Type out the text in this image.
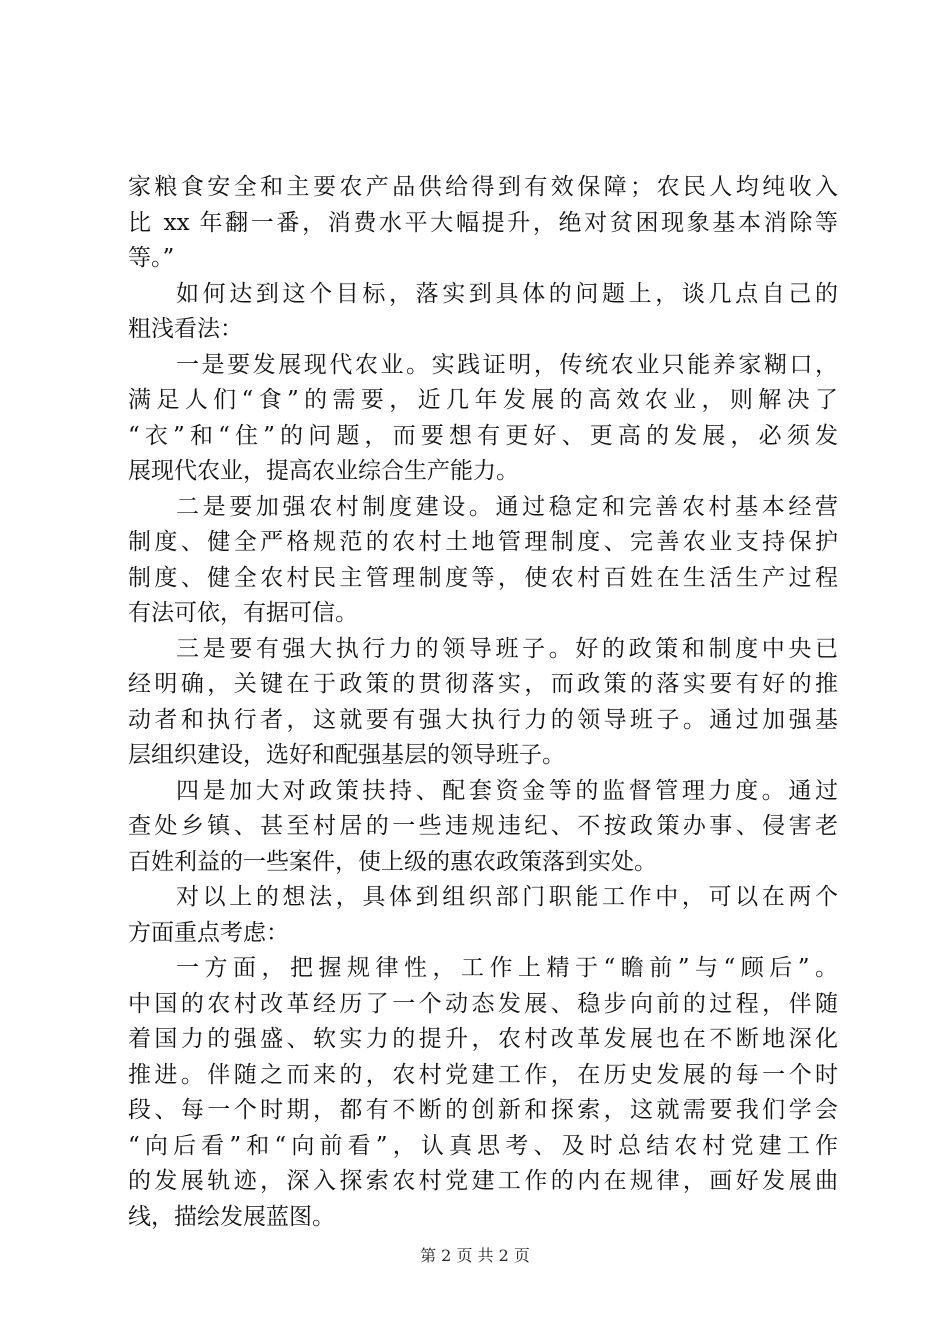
家粮食安全和主要农产品供给得到有效保障；农民人均纯收入
比 xx 年翻一番，消费水平大幅提升，绝对贫困现象基本消除等
等。”
如何达到这个目标，落实到具体的问题上，谈几点自己的
粗浅看法：
一是要发展现代农业。实践证明，传统农业只能养家糊口，
满足人们“食”的需要，近几年发展的高效农业，则解决了
“衣”和“住”的问题，而要想有更好、更高的发展，必须发
展现代农业，提高农业综合生产能力。
二是要加强农村制度建设。通过稳定和完善农村基本经营
制度、健全严格规范的农村土地管理制度、完善农业支持保护
制度、健全农村民主管理制度等，使农村百姓在生活生产过程
有法可依，有据可信。
三是要有强大执行力的领导班子。好的政策和制度中央已
经明确，关键在于政策的贯彻落实，而政策的落实要有好的推
动者和执行者，这就要有强大执行力的领导班子。通过加强基
层组织建设，选好和配强基层的领导班子。
四是加大对政策扶持、配套资金等的监督管理力度。通过
查处乡镇、甚至村居的一些违规违纪、不按政策办事、侵害老
百姓利益的一些案件，使上级的惠农政策落到实处。
对以上的想法，具体到组织部门职能工作中，可以在两个
方面重点考虑：
一方面，把握规律性，工作上精于“瞻前”与“顾后”。
中国的农村改革经历了一个动态发展、稳步向前的过程，伴随
着国力的强盛、软实力的提升，农村改革发展也在不断地深化
推进。伴随之而来的，农村党建工作，在历史发展的每一个时
段、每一个时期，都有不断的创新和探索，这就需要我们学会
“向后看”和“向前看”，认真思考、及时总结农村党建工作
的发展轨迹，深入探索农村党建工作的内在规律，画好发展曲
线，描绘发展蓝图。
第 2 页 共 2 页
